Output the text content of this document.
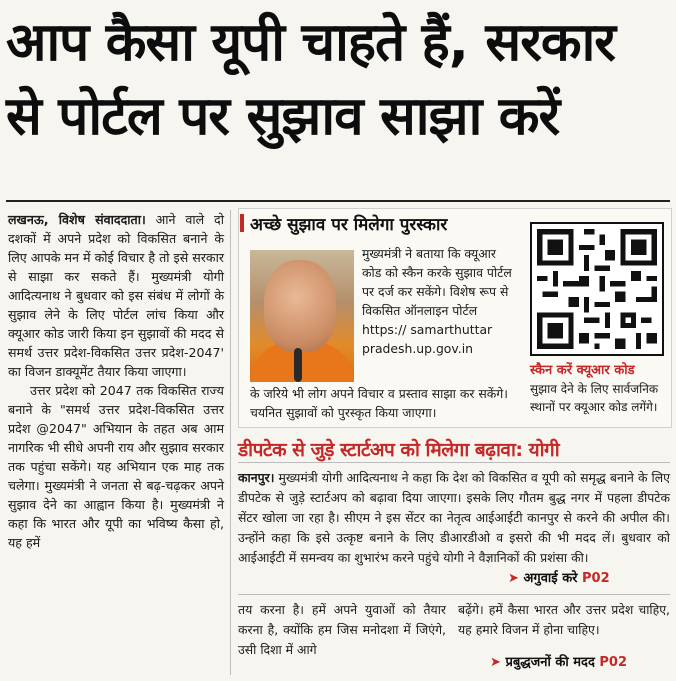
आप कैसा यूपी चाहते हैं, सरकार
से पोर्टल पर सुझाव साझा करें

लखनऊ, विशेष संवाददाता। आने वाले दो दशकों में अपने प्रदेश को विकसित बनाने के लिए आपके मन में कोई विचार है तो इसे सरकार से साझा कर सकते हैं। मुख्यमंत्री योगी आदित्यनाथ ने बुधवार को इस संबंध में लोगों के सुझाव लेने के लिए पोर्टल लांच किया और क्यूआर कोड जारी किया इन सुझावों की मदद से समर्थ उत्तर प्रदेश-विकसित उत्तर प्रदेश-2047' का विजन डाक्यूमेंट तैयार किया जाएगा।

उत्तर प्रदेश को 2047 तक विकसित राज्य बनाने के "समर्थ उत्तर प्रदेश-विकसित उत्तर प्रदेश @2047" अभियान के तहत अब आम नागरिक भी सीधे अपनी राय और सुझाव सरकार तक पहुंचा सकेंगे। यह अभियान एक माह तक चलेगा। मुख्यमंत्री ने जनता से बढ़-चढ़कर अपने सुझाव देने का आह्वान किया है। मुख्यमंत्री ने कहा कि भारत और यूपी का भविष्य कैसा हो, यह हमें

अच्छे सुझाव पर मिलेगा पुरस्कार
मुख्यमंत्री ने बताया कि क्यूआर कोड को स्कैन करके सुझाव पोर्टल पर दर्ज कर सकेंगे। विशेष रूप से विकसित ऑनलाइन पोर्टल https:// samarthuttar pradesh.up.gov.in
के जरिये भी लोग अपने विचार व प्रस्ताव साझा कर सकेंगे। चयनित सुझावों को पुरस्कृत किया जाएगा।
स्कैन करें क्यूआर कोड
सुझाव देने के लिए सार्वजनिक स्थानों पर क्यूआर कोड लगेंगे।
डीपटेक से जुड़े स्टार्टअप को मिलेगा बढ़ावा: योगी
कानपुर। मुख्यमंत्री योगी आदित्यनाथ ने कहा कि देश को विकसित व यूपी को समृद्ध बनाने के लिए डीपटेक से जुड़े स्टार्टअप को बढ़ावा दिया जाएगा। इसके लिए गौतम बुद्ध नगर में पहला डीपटेक सेंटर खोला जा रहा है। सीएम ने इस सेंटर का नेतृत्व आईआईटी कानपुर से करने की अपील की। उन्होंने कहा कि इसे उत्कृष्ट बनाने के लिए डीआरडीओ व इसरो की भी मदद लें। बुधवार को आईआईटी में समन्वय का शुभारंभ करने पहुंचे योगी ने वैज्ञानिकों की प्रशंसा की।
➤ अगुवाई करे P02
तय करना है। हमें अपने युवाओं को तैयार करना है, क्योंकि हम जिस मनोदशा में जिएंगे, उसी दिशा में आगे
बढ़ेंगे। हमें कैसा भारत और उत्तर प्रदेश चाहिए, यह हमारे विजन में होना चाहिए।
➤ प्रबुद्धजनों की मदद P02
